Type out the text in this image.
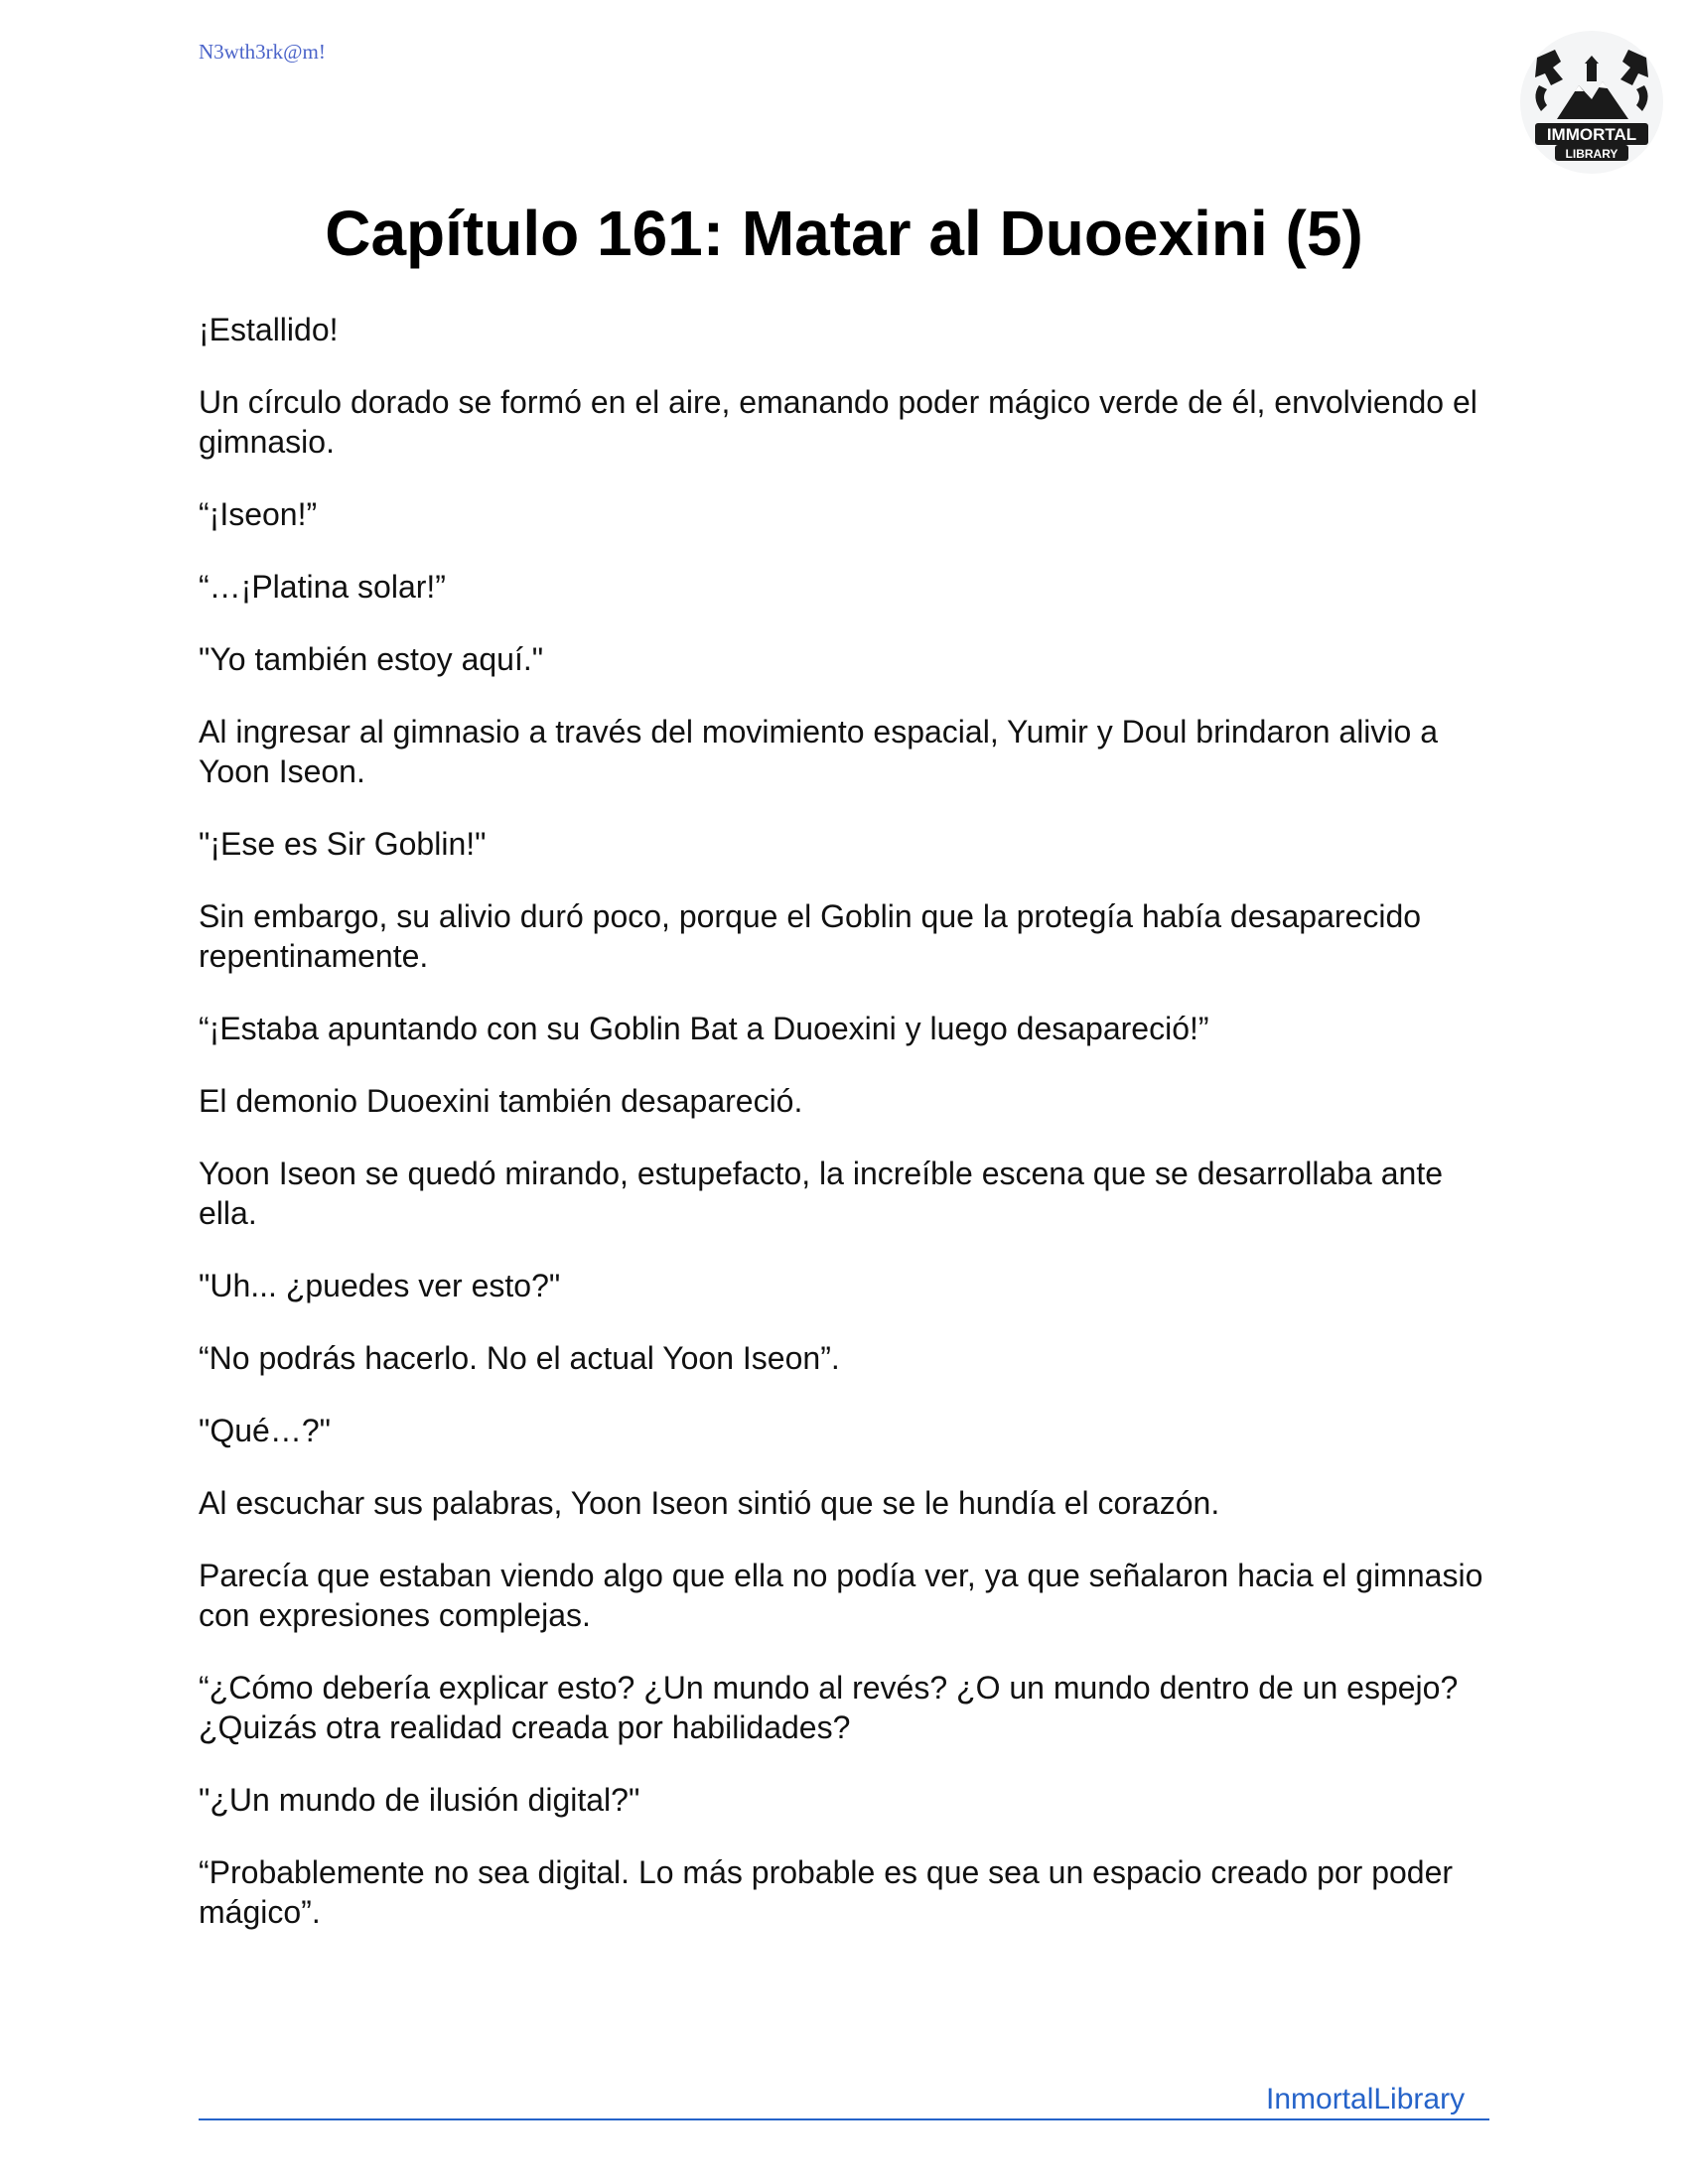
N3wth3rk@m!
IMMORTAL
LIBRARY
Capítulo 161: Matar al Duoexini (5)

¡Estallido!

Un círculo dorado se formó en el aire, emanando poder mágico verde de él, envolviendo el gimnasio.

“¡Iseon!”

“…¡Platina solar!”

"Yo también estoy aquí."

Al ingresar al gimnasio a través del movimiento espacial, Yumir y Doul brindaron alivio a Yoon Iseon.

"¡Ese es Sir Goblin!"

Sin embargo, su alivio duró poco, porque el Goblin que la protegía había desaparecido repentinamente.

“¡Estaba apuntando con su Goblin Bat a Duoexini y luego desapareció!”

El demonio Duoexini también desapareció.

Yoon Iseon se quedó mirando, estupefacto, la increíble escena que se desarrollaba ante ella.

"Uh... ¿puedes ver esto?"

“No podrás hacerlo. No el actual Yoon Iseon”.

"Qué…?"

Al escuchar sus palabras, Yoon Iseon sintió que se le hundía el corazón.

Parecía que estaban viendo algo que ella no podía ver, ya que señalaron hacia el gimnasio con expresiones complejas.

“¿Cómo debería explicar esto? ¿Un mundo al revés? ¿O un mundo dentro de un espejo? ¿Quizás otra realidad creada por habilidades?

"¿Un mundo de ilusión digital?"

“Probablemente no sea digital. Lo más probable es que sea un espacio creado por poder mágico”.

InmortalLibrary
